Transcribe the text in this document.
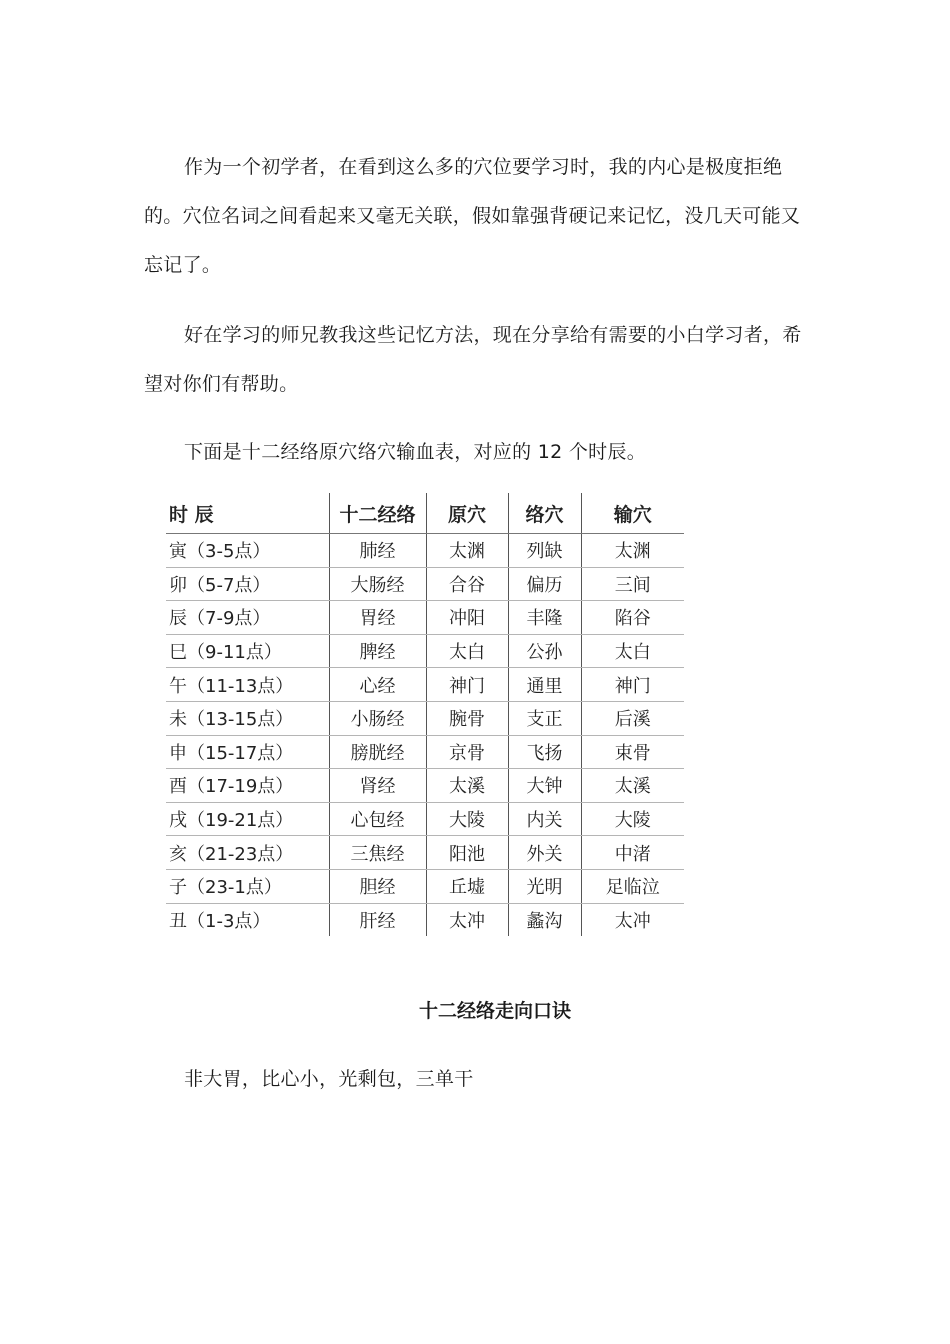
作为一个初学者，在看到这么多的穴位要学习时，我的内心是极度拒绝的。穴位名词之间看起来又毫无关联，假如靠强背硬记来记忆，没几天可能又忘记了。

好在学习的师兄教我这些记忆方法，现在分享给有需要的小白学习者，希望对你们有帮助。

下面是十二经络原穴络穴输血表，对应的 12 个时辰。

时 辰	十二经络	原穴	络穴	输穴
寅（3-5点）	肺经	太渊	列缺	太渊
卯（5-7点）	大肠经	合谷	偏历	三间
辰（7-9点）	胃经	冲阳	丰隆	陷谷
巳（9-11点）	脾经	太白	公孙	太白
午（11-13点）	心经	神门	通里	神门
未（13-15点）	小肠经	腕骨	支正	后溪
申（15-17点）	膀胱经	京骨	飞扬	束骨
酉（17-19点）	肾经	太溪	大钟	太溪
戌（19-21点）	心包经	大陵	内关	大陵
亥（21-23点）	三焦经	阳池	外关	中渚
子（23-1点）	胆经	丘墟	光明	足临泣
丑（1-3点）	肝经	太冲	蠡沟	太冲
十二经络走向口诀

非大胃，比心小，光剩包，三单干
